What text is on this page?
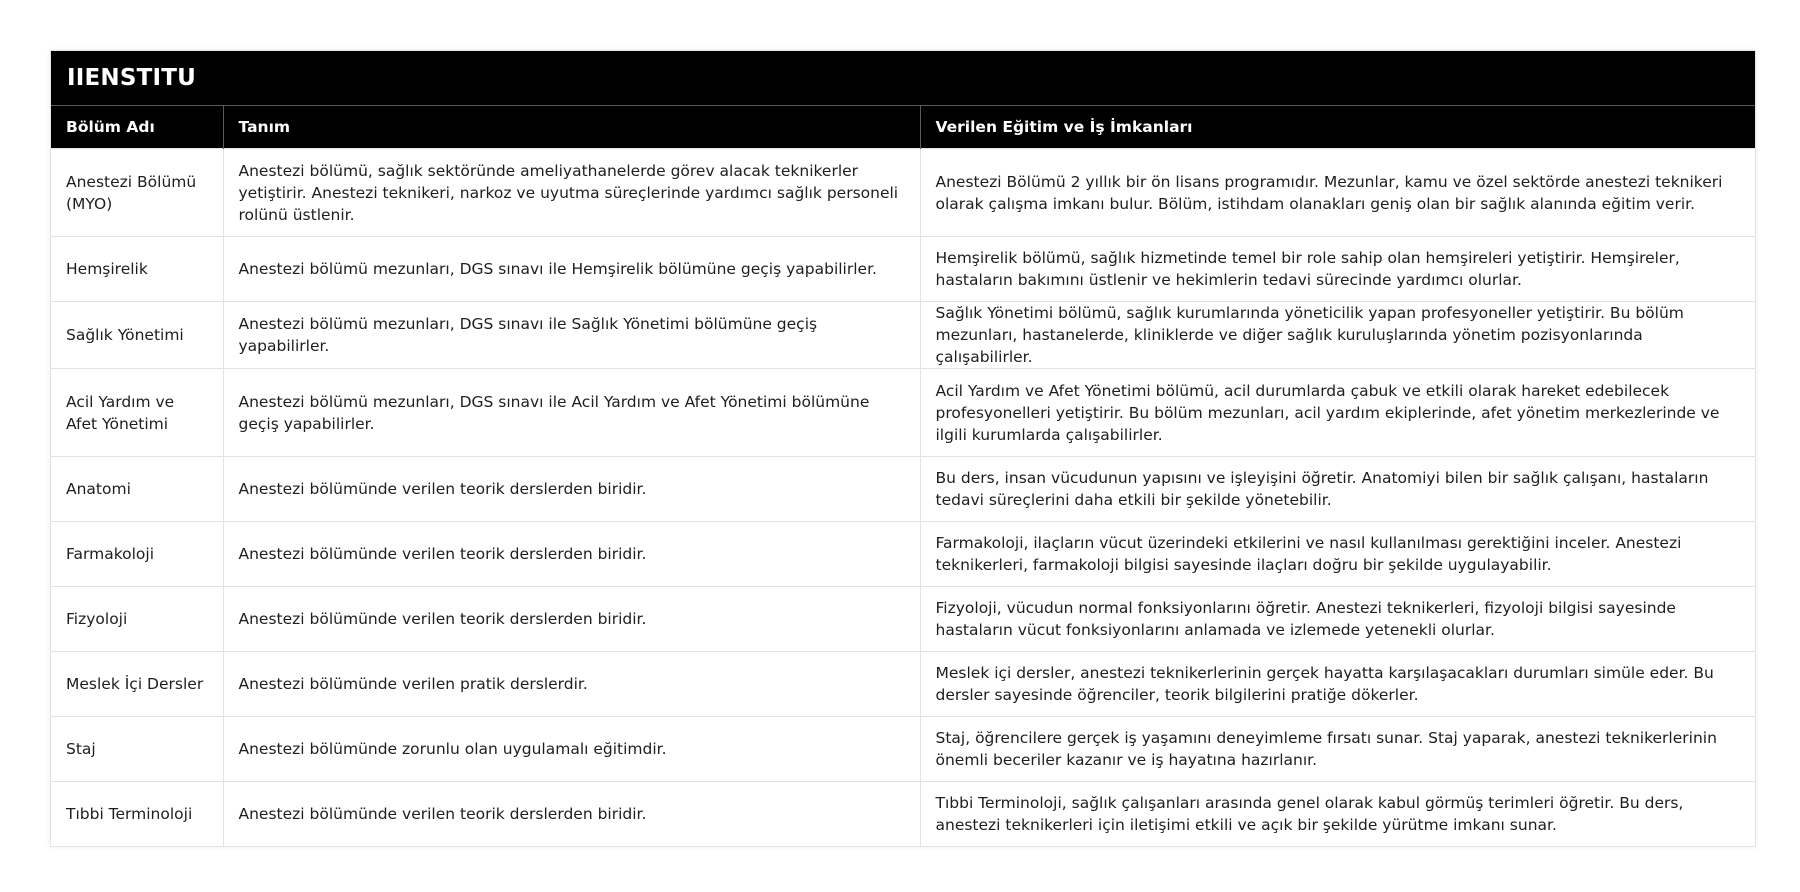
IIENSTITU
Bölüm Adı	Tanım	Verilen Eğitim ve İş İmkanları
Anestezi Bölümü (MYO)	Anestezi bölümü, sağlık sektöründe ameliyathanelerde görev alacak teknikerler yetiştirir. Anestezi teknikeri, narkoz ve uyutma süreçlerinde yardımcı sağlık personeli rolünü üstlenir.	Anestezi Bölümü 2 yıllık bir ön lisans programıdır. Mezunlar, kamu ve özel sektörde anestezi teknikeri olarak çalışma imkanı bulur. Bölüm, istihdam olanakları geniş olan bir sağlık alanında eğitim verir.
Hemşirelik	Anestezi bölümü mezunları, DGS sınavı ile Hemşirelik bölümüne geçiş yapabilirler.	Hemşirelik bölümü, sağlık hizmetinde temel bir role sahip olan hemşireleri yetiştirir. Hemşireler, hastaların bakımını üstlenir ve hekimlerin tedavi sürecinde yardımcı olurlar.
Sağlık Yönetimi	Anestezi bölümü mezunları, DGS sınavı ile Sağlık Yönetimi bölümüne geçiş yapabilirler.	Sağlık Yönetimi bölümü, sağlık kurumlarında yöneticilik yapan profesyoneller yetiştirir. Bu bölüm mezunları, hastanelerde, kliniklerde ve diğer sağlık kuruluşlarında yönetim pozisyonlarında çalışabilirler.
Acil Yardım ve Afet Yönetimi	Anestezi bölümü mezunları, DGS sınavı ile Acil Yardım ve Afet Yönetimi bölümüne geçiş yapabilirler.	Acil Yardım ve Afet Yönetimi bölümü, acil durumlarda çabuk ve etkili olarak hareket edebilecek profesyonelleri yetiştirir. Bu bölüm mezunları, acil yardım ekiplerinde, afet yönetim merkezlerinde ve ilgili kurumlarda çalışabilirler.
Anatomi	Anestezi bölümünde verilen teorik derslerden biridir.	Bu ders, insan vücudunun yapısını ve işleyişini öğretir. Anatomiyi bilen bir sağlık çalışanı, hastaların tedavi süreçlerini daha etkili bir şekilde yönetebilir.
Farmakoloji	Anestezi bölümünde verilen teorik derslerden biridir.	Farmakoloji, ilaçların vücut üzerindeki etkilerini ve nasıl kullanılması gerektiğini inceler. Anestezi teknikerleri, farmakoloji bilgisi sayesinde ilaçları doğru bir şekilde uygulayabilir.
Fizyoloji	Anestezi bölümünde verilen teorik derslerden biridir.	Fizyoloji, vücudun normal fonksiyonlarını öğretir. Anestezi teknikerleri, fizyoloji bilgisi sayesinde hastaların vücut fonksiyonlarını anlamada ve izlemede yetenekli olurlar.
Meslek İçi Dersler	Anestezi bölümünde verilen pratik derslerdir.	Meslek içi dersler, anestezi teknikerlerinin gerçek hayatta karşılaşacakları durumları simüle eder. Bu dersler sayesinde öğrenciler, teorik bilgilerini pratiğe dökerler.
Staj	Anestezi bölümünde zorunlu olan uygulamalı eğitimdir.	Staj, öğrencilere gerçek iş yaşamını deneyimleme fırsatı sunar. Staj yaparak, anestezi teknikerlerinin önemli beceriler kazanır ve iş hayatına hazırlanır.
Tıbbi Terminoloji	Anestezi bölümünde verilen teorik derslerden biridir.	Tıbbi Terminoloji, sağlık çalışanları arasında genel olarak kabul görmüş terimleri öğretir. Bu ders, anestezi teknikerleri için iletişimi etkili ve açık bir şekilde yürütme imkanı sunar.
